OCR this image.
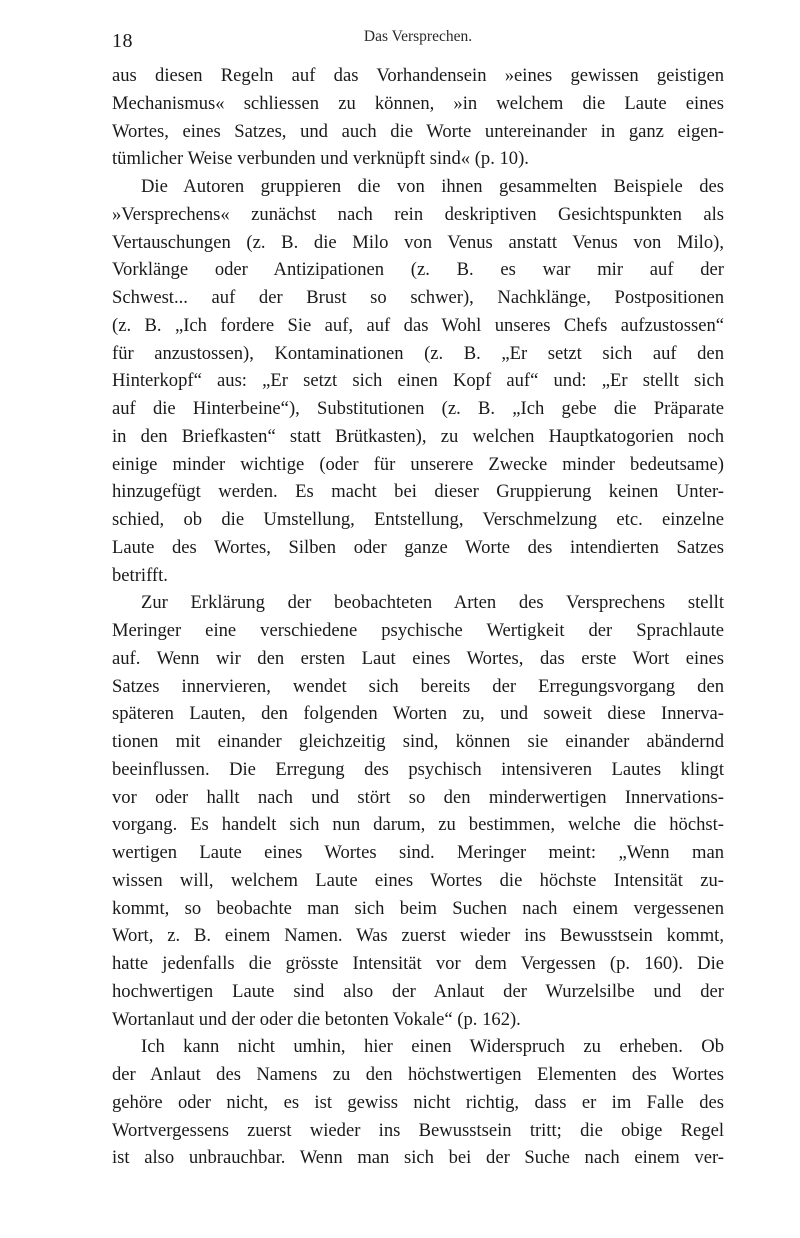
18	Das Versprechen.

aus diesen Regeln auf das Vorhandensein »eines gewissen geistigen
Mechanismus« schliessen zu können, »in welchem die Laute eines
Wortes, eines Satzes, und auch die Worte untereinander in ganz eigen-
tümlicher Weise verbunden und verknüpft sind« (p. 10).

Die Autoren gruppieren die von ihnen gesammelten Beispiele des
»Versprechens« zunächst nach rein deskriptiven Gesichtspunkten als
Vertauschungen (z. B. die Milo von Venus anstatt Venus von Milo),
Vorklänge oder Antizipationen (z. B. es war mir auf der
Schwest... auf der Brust so schwer), Nachklänge, Postpositionen
(z. B. „Ich fordere Sie auf, auf das Wohl unseres Chefs aufzustossen“
für anzustossen), Kontaminationen (z. B. „Er setzt sich auf den
Hinterkopf“ aus: „Er setzt sich einen Kopf auf“ und: „Er stellt sich
auf die Hinterbeine“), Substitutionen (z. B. „Ich gebe die Präparate
in den Briefkasten“ statt Brütkasten), zu welchen Hauptkatogorien noch
einige minder wichtige (oder für unserere Zwecke minder bedeutsame)
hinzugefügt werden. Es macht bei dieser Gruppierung keinen Unter-
schied, ob die Umstellung, Entstellung, Verschmelzung etc. einzelne
Laute des Wortes, Silben oder ganze Worte des intendierten Satzes
betrifft.

Zur Erklärung der beobachteten Arten des Versprechens stellt
Meringer eine verschiedene psychische Wertigkeit der Sprachlaute
auf. Wenn wir den ersten Laut eines Wortes, das erste Wort eines
Satzes innervieren, wendet sich bereits der Erregungsvorgang den
späteren Lauten, den folgenden Worten zu, und soweit diese Innerva-
tionen mit einander gleichzeitig sind, können sie einander abändernd
beeinflussen. Die Erregung des psychisch intensiveren Lautes klingt
vor oder hallt nach und stört so den minderwertigen Innervations-
vorgang. Es handelt sich nun darum, zu bestimmen, welche die höchst-
wertigen Laute eines Wortes sind. Meringer meint: „Wenn man
wissen will, welchem Laute eines Wortes die höchste Intensität zu-
kommt, so beobachte man sich beim Suchen nach einem vergessenen
Wort, z. B. einem Namen. Was zuerst wieder ins Bewusstsein kommt,
hatte jedenfalls die grösste Intensität vor dem Vergessen (p. 160). Die
hochwertigen Laute sind also der Anlaut der Wurzelsilbe und der
Wortanlaut und der oder die betonten Vokale“ (p. 162).

Ich kann nicht umhin, hier einen Widerspruch zu erheben. Ob
der Anlaut des Namens zu den höchstwertigen Elementen des Wortes
gehöre oder nicht, es ist gewiss nicht richtig, dass er im Falle des
Wortvergessens zuerst wieder ins Bewusstsein tritt; die obige Regel
ist also unbrauchbar. Wenn man sich bei der Suche nach einem ver-
